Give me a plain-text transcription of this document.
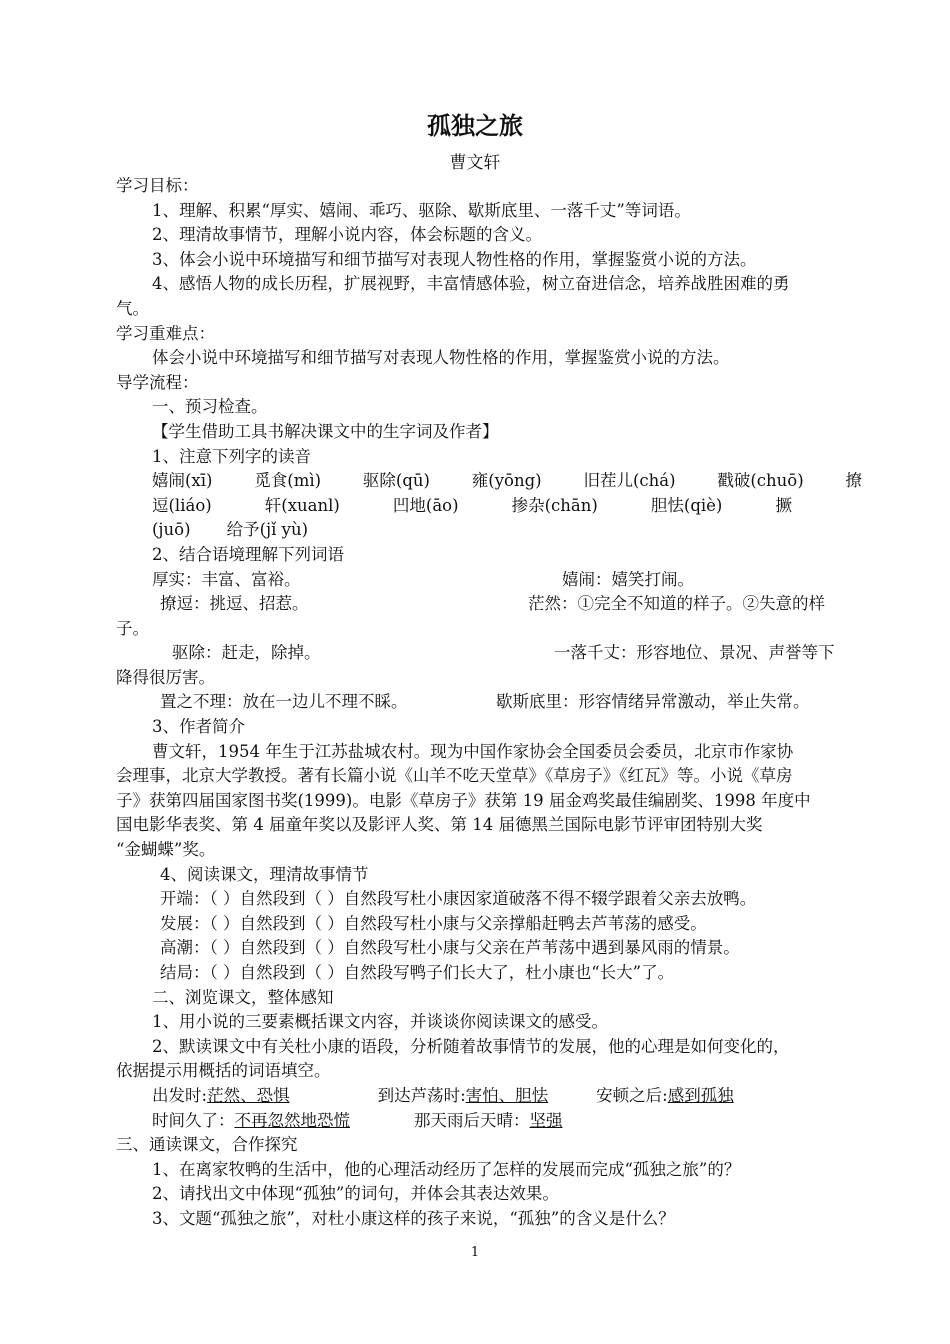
孤独之旅
曹文轩
学习目标：
1、理解、积累“厚实、嬉闹、乖巧、驱除、歇斯底里、一落千丈”等词语。
2、理清故事情节，理解小说内容，体会标题的含义。
3、体会小说中环境描写和细节描写对表现人物性格的作用，掌握鉴赏小说的方法。
4、感悟人物的成长历程，扩展视野，丰富情感体验，树立奋进信念，培养战胜困难的勇
气。
学习重难点：
体会小说中环境描写和细节描写对表现人物性格的作用，掌握鉴赏小说的方法。
导学流程：
一、预习检查。
【学生借助工具书解决课文中的生字词及作者】
1、注意下列字的读音
嬉闹(xī)	觅食(mì)	驱除(qū)	雍(yōng)	旧茬儿(chá)	戳破(chuō)	撩
逗(liáo)	轩(xuanl)	凹地(āo)	掺杂(chān)	胆怯(qiè)	撅
(juō) 给予(jǐ yù)
2、结合语境理解下列词语
厚实：丰富、富裕。	嬉闹：嬉笑打闹。
撩逗：挑逗、招惹。	茫然：①完全不知道的样子。②失意的样
子。
驱除：赶走，除掉。	一落千丈：形容地位、景况、声誉等下
降得很厉害。
置之不理：放在一边儿不理不睬。	歇斯底里：形容情绪异常激动，举止失常。
3、作者简介
曹文轩，1954 年生于江苏盐城农村。现为中国作家协会全国委员会委员，北京市作家协
会理事，北京大学教授。著有长篇小说《山羊不吃天堂草》《草房子》《红瓦》等。小说《草房
子》获第四届国家图书奖(1999)。电影《草房子》获第 19 届金鸡奖最佳编剧奖、1998 年度中
国电影华表奖、第 4 届童年奖以及影评人奖、第 14 届德黑兰国际电影节评审团特别大奖
“金蝴蝶”奖。
4、阅读课文，理清故事情节
开端：（ ）自然段到（ ）自然段写杜小康因家道破落不得不辍学跟着父亲去放鸭。
发展：（ ）自然段到（ ）自然段写杜小康与父亲撑船赶鸭去芦苇荡的感受。
高潮：（ ）自然段到（ ）自然段写杜小康与父亲在芦苇荡中遇到暴风雨的情景。
结局：（ ）自然段到（ ）自然段写鸭子们长大了，杜小康也“长大”了。
二、浏览课文，整体感知
1、用小说的三要素概括课文内容，并谈谈你阅读课文的感受。
2、默读课文中有关杜小康的语段，分析随着故事情节的发展，他的心理是如何变化的，
依据提示用概括的词语填空。
出发时:茫然、恐惧	到达芦荡时:害怕、胆怯	安顿之后:感到孤独
时间久了：不再忽然地恐慌	那天雨后天晴：坚强
三、通读课文，合作探究
1、在离家牧鸭的生活中，他的心理活动经历了怎样的发展而完成“孤独之旅”的？
2、请找出文中体现“孤独”的词句，并体会其表达效果。
3、文题“孤独之旅”，对杜小康这样的孩子来说，“孤独”的含义是什么？
1
